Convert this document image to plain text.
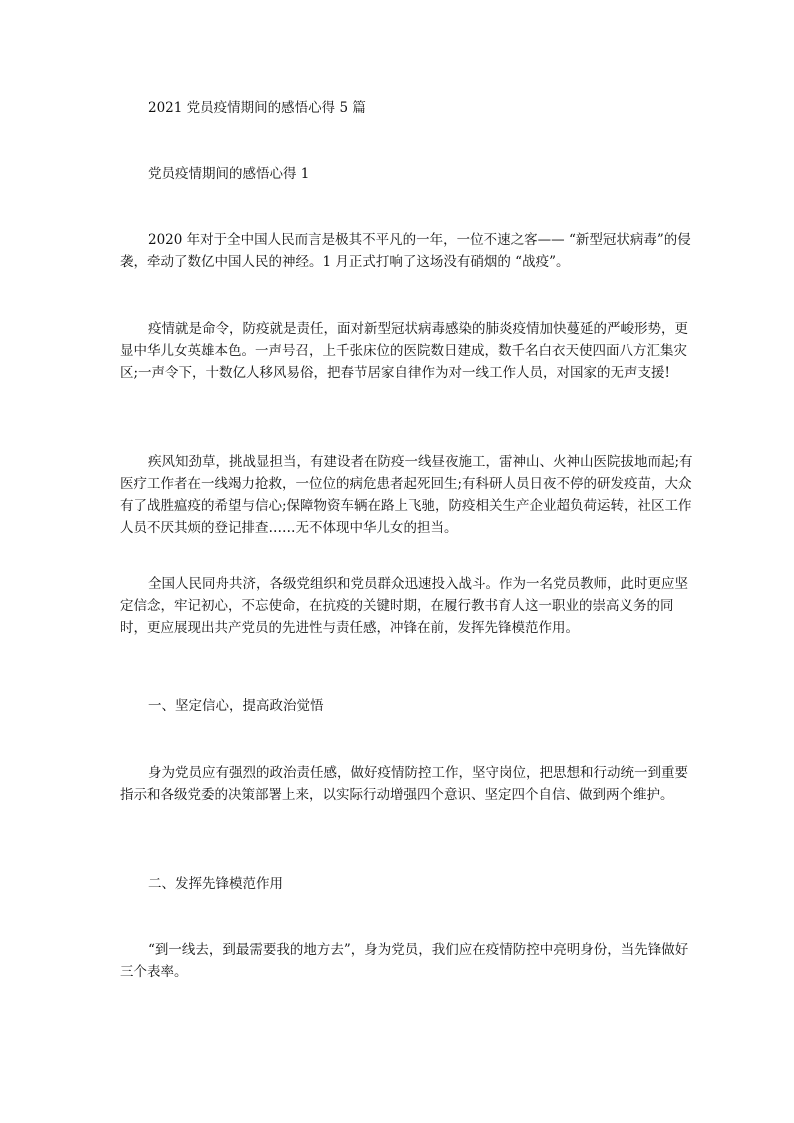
2021 党员疫情期间的感悟心得 5 篇

党员疫情期间的感悟心得 1

2020 年对于全中国人民而言是极其不平凡的一年，一位不速之客—— “新型冠状病毒”的侵袭，牵动了数亿中国人民的神经。1 月正式打响了这场没有硝烟的 “战疫”。

疫情就是命令，防疫就是责任，面对新型冠状病毒感染的肺炎疫情加快蔓延的严峻形势，更显中华儿女英雄本色。一声号召，上千张床位的医院数日建成，数千名白衣天使四面八方汇集灾区;一声令下，十数亿人移风易俗，把春节居家自律作为对一线工作人员，对国家的无声支援!

疾风知劲草，挑战显担当，有建设者在防疫一线昼夜施工，雷神山、火神山医院拔地而起;有医疗工作者在一线竭力抢救，一位位的病危患者起死回生;有科研人员日夜不停的研发疫苗，大众有了战胜瘟疫的希望与信心;保障物资车辆在路上飞驰，防疫相关生产企业超负荷运转，社区工作人员不厌其烦的登记排查……无不体现中华儿女的担当。

全国人民同舟共济，各级党组织和党员群众迅速投入战斗。作为一名党员教师，此时更应坚定信念，牢记初心，不忘使命，在抗疫的关键时期，在履行教书育人这一职业的崇高义务的同时，更应展现出共产党员的先进性与责任感，冲锋在前，发挥先锋模范作用。

一、坚定信心，提高政治觉悟

身为党员应有强烈的政治责任感，做好疫情防控工作，坚守岗位，把思想和行动统一到重要指示和各级党委的决策部署上来，以实际行动增强四个意识、坚定四个自信、做到两个维护。

二、发挥先锋模范作用

“到一线去，到最需要我的地方去”，身为党员，我们应在疫情防控中亮明身份，当先锋做好三个表率。
